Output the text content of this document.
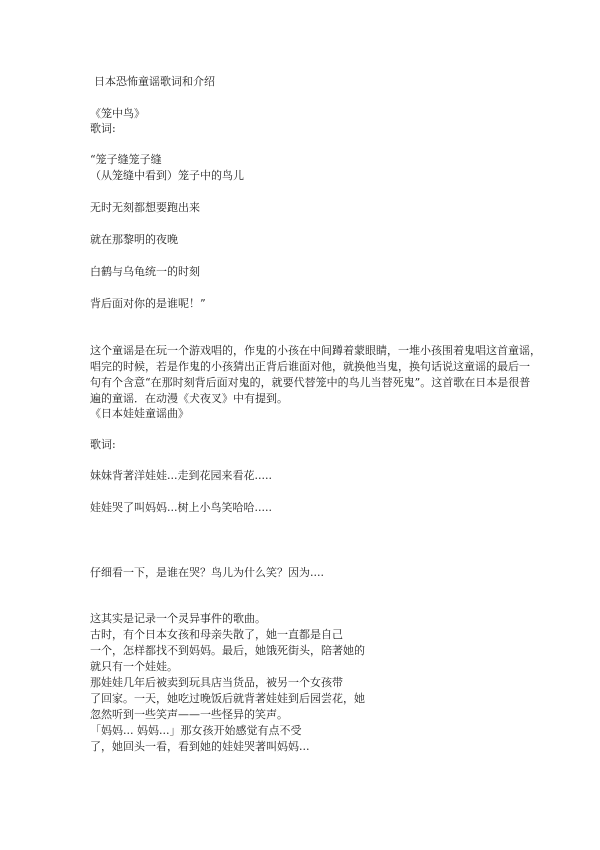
日本恐怖童谣歌词和介绍
《笼中鸟》
歌词:
“笼子缝笼子缝
（从笼缝中看到）笼子中的鸟儿
无时无刻都想要跑出来
就在那黎明的夜晚
白鹤与乌龟统一的时刻
背后面对你的是谁呢！”
这个童谣是在玩一个游戏唱的，作鬼的小孩在中间蹲着蒙眼睛，一堆小孩围着鬼唱这首童谣，
唱完的时候，若是作鬼的小孩猜出正背后谁面对他，就换他当鬼，换句话说这童谣的最后一
句有个含意“在那时刻背后面对鬼的，就要代替笼中的鸟儿当替死鬼”。这首歌在日本是很普
遍的童谣．在动漫《犬夜叉》中有提到。
《日本娃娃童谣曲》
歌词:
妹妹背著洋娃娃...走到花园来看花.....
娃娃哭了叫妈妈...树上小鸟笑哈哈.....
仔细看一下，是谁在哭？鸟儿为什么笑？因为....
这其实是记录一个灵异事件的歌曲。
古时，有个日本女孩和母亲失散了，她一直都是自己
一个，怎样都找不到妈妈。最后，她饿死街头，陪著她的
就只有一个娃娃。
那娃娃几年后被卖到玩具店当货品，被另一个女孩带
了回家。一天，她吃过晚饭后就背著娃娃到后园尝花，她
忽然听到一些笑声——一些怪异的笑声。
「妈妈... 妈妈...」那女孩开始感觉有点不受
了，她回头一看，看到她的娃娃哭著叫妈妈...
